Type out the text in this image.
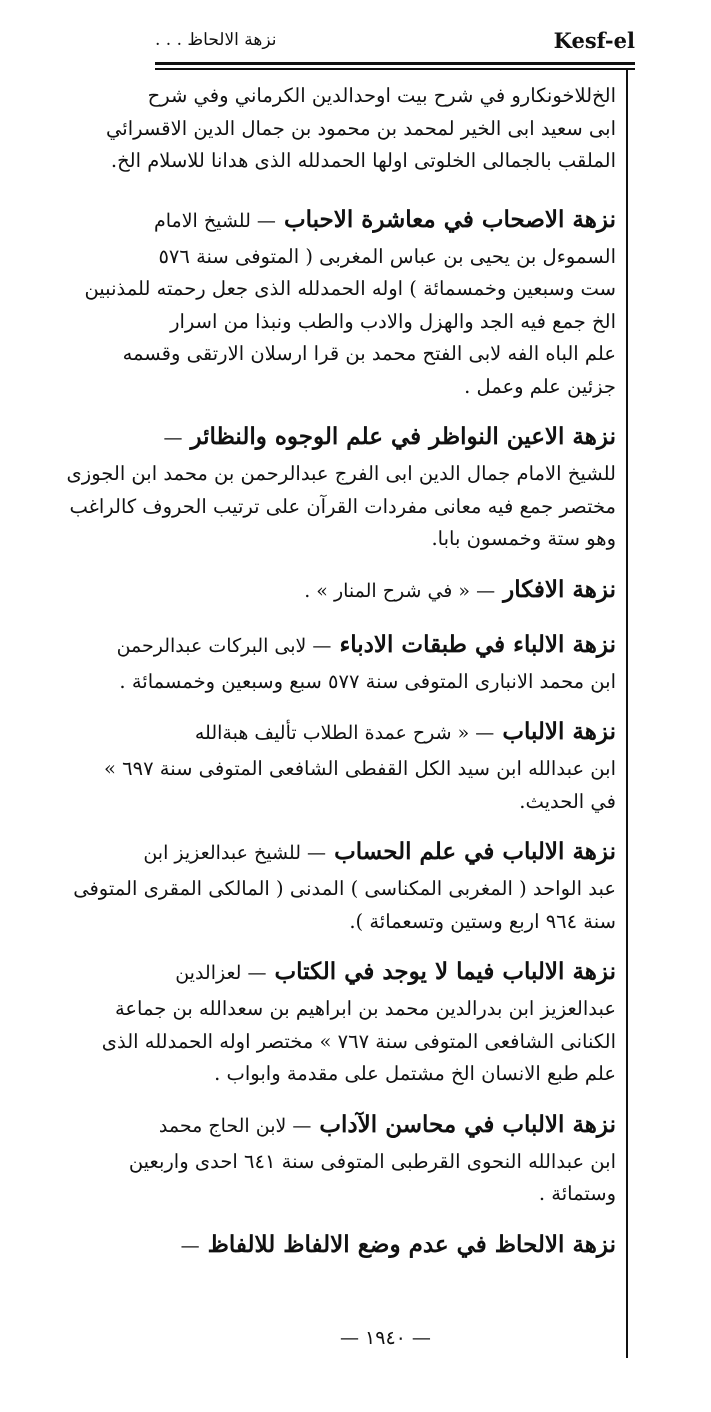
Kesf-el
نزهة الالحاظ . . .
الخ‌للاخونكارو في شرح بيت اوحدالدين الكرماني وفي شرح
ابى سعيد ابى الخير لمحمد بن محمود بن جمال الدين الاقسرائي
الملقب بالجمالى الخلوتى اولها الحمدلله الذى هدانا للاسلام الخ.
نزهة الاصحاب في معاشرة الاحباب — للشيخ الامام
السموءل بن يحيى بن عباس المغربى ( المتوفى سنة ٥٧٦
ست وسبعين وخمسمائة ) اوله الحمدلله الذى جعل رحمته للمذنبين
الخ جمع فيه الجد والهزل والادب والطب ونبذا من اسرار
علم الباه الفه لابى الفتح محمد بن قرا ارسلان الارتقى وقسمه
جزئين علم وعمل .
نزهة الاعين النواظر في علم الوجوه والنظائر —
للشيخ الامام جمال الدين ابى الفرج عبدالرحمن بن محمد ابن الجوزى
مختصر جمع فيه معانى مفردات القرآن على ترتيب الحروف كالراغب
وهو ستة وخمسون بابا.
نزهة الافكار — « في شرح المنار » .
نزهة الالباء في طبقات الادباء — لابى البركات عبدالرحمن
ابن محمد الانبارى المتوفى سنة ٥٧٧ سبع وسبعين وخمسمائة .
نزهة الالباب — « شرح عمدة الطلاب تأليف هبةالله
ابن عبدالله ابن سيد الكل القفطى الشافعى المتوفى سنة ٦٩٧ »
في الحديث.
نزهة الالباب في علم الحساب — للشيخ عبدالعزيز ابن
عبد الواحد ( المغربى المكناسى ) المدنى ( المالكى المقرى المتوفى
سنة ٩٦٤ اربع وستين وتسعمائة ).
نزهة الالباب فيما لا يوجد في الكتاب — لعزالدين
عبدالعزيز ابن بدرالدين محمد بن ابراهيم بن سعدالله بن جماعة
الكنانى الشافعى المتوفى سنة ٧٦٧ » مختصر اوله الحمدلله الذى
علم طبع الانسان الخ مشتمل على مقدمة وابواب .
نزهة الالباب في محاسن الآداب — لابن الحاج محمد
ابن عبدالله النحوى القرطبى المتوفى سنة ٦٤١ احدى واربعين
وستمائة .
نزهة الالحاظ في عدم وضع الالفاظ للالفاظ —
— ١٩٤٠ —
